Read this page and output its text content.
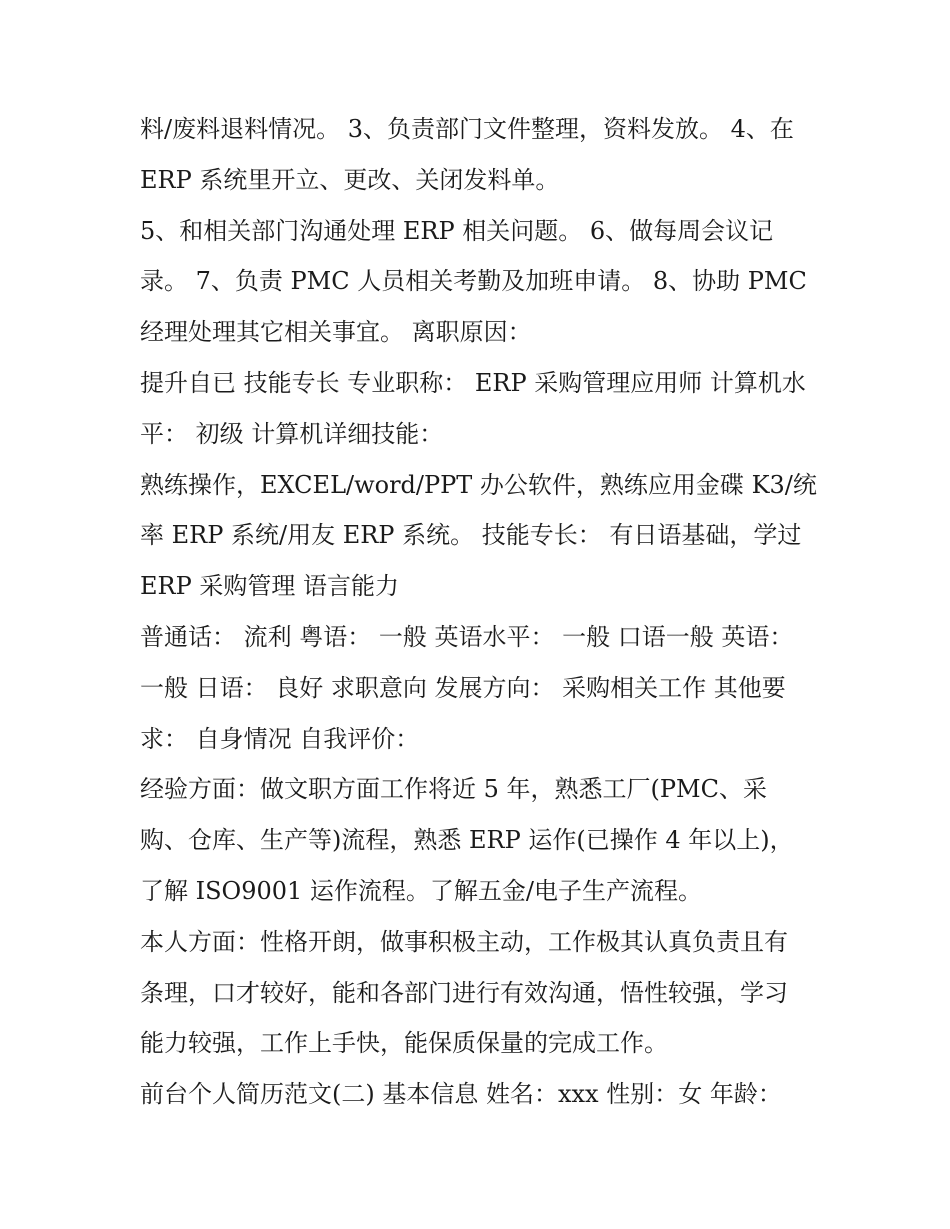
料/废料退料情况。 3、负责部门文件整理，资料发放。 4、在
ERP 系统里开立、更改、关闭发料单。
5、和相关部门沟通处理 ERP 相关问题。 6、做每周会议记
录。 7、负责 PMC 人员相关考勤及加班申请。 8、协助 PMC
经理处理其它相关事宜。 离职原因：
提升自已 技能专长 专业职称： ERP 采购管理应用师 计算机水
平： 初级 计算机详细技能：
熟练操作，EXCEL/word/PPT 办公软件，熟练应用金碟 K3/统
率 ERP 系统/用友 ERP 系统。 技能专长： 有日语基础，学过
ERP 采购管理 语言能力
普通话： 流利 粤语： 一般 英语水平： 一般 口语一般 英语：
一般 日语： 良好 求职意向 发展方向： 采购相关工作 其他要
求： 自身情况 自我评价：
经验方面：做文职方面工作将近 5 年，熟悉工厂(PMC、采
购、仓库、生产等)流程，熟悉 ERP 运作(已操作 4 年以上)，
了解 ISO9001 运作流程。了解五金/电子生产流程。
本人方面：性格开朗，做事积极主动，工作极其认真负责且有
条理，口才较好，能和各部门进行有效沟通，悟性较强，学习
能力较强，工作上手快，能保质保量的完成工作。
前台个人简历范文(二) 基本信息 姓名：xxx 性别：女 年龄：
